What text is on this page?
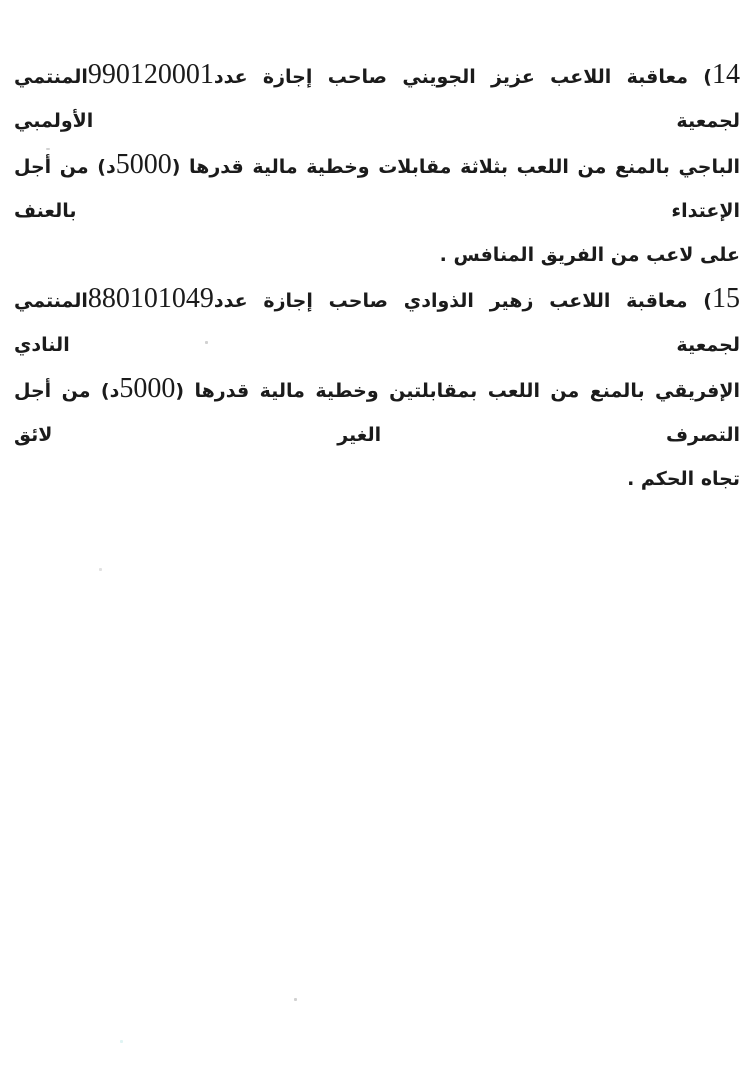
14) معاقبة اللاعب عزيز الجويني صاحب إجازة عدد990120001المنتمي لجمعية الأولمبي
الباجي بالمنع من اللعب بثلاثة مقابلات وخطية مالية قدرها (5000د) من أجل الإعتداء بالعنف
على لاعب من الفريق المنافس .
15) معاقبة اللاعب زهير الذوادي صاحب إجازة عدد880101049المنتمي لجمعية النادي
الإفريقي بالمنع من اللعب بمقابلتين وخطية مالية قدرها (5000د) من أجل التصرف الغير لائق
تجاه الحكم .
